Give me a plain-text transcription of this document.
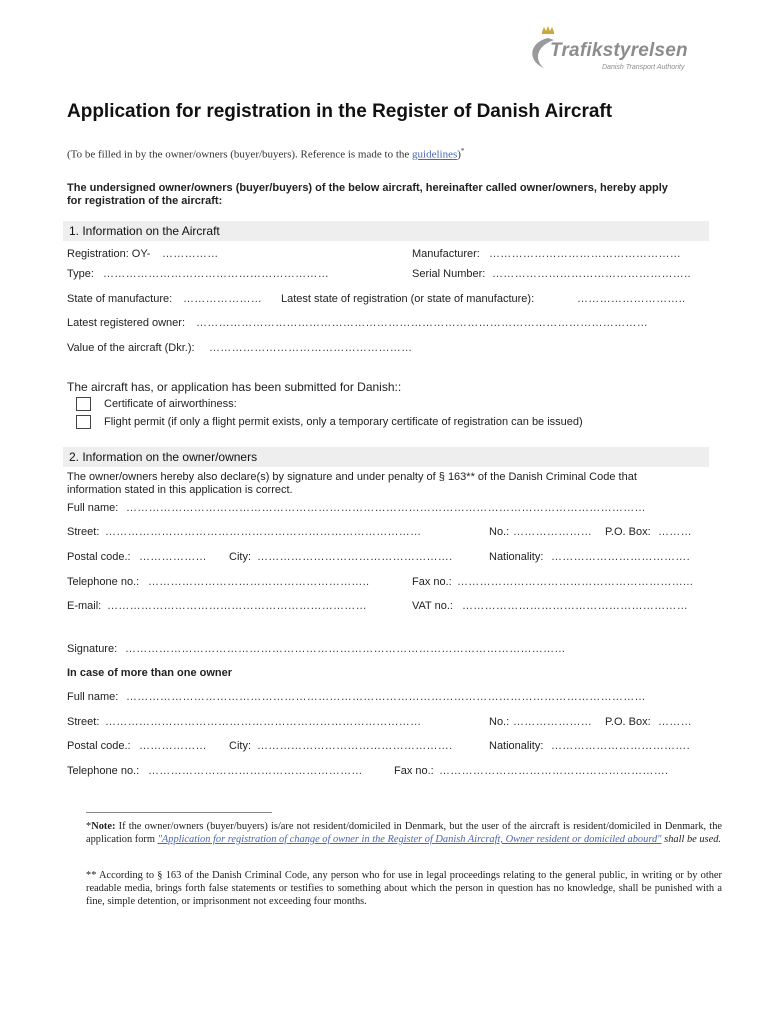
Trafikstyrelsen
Danish Transport Authority
Application for registration in the Register of Danish Aircraft
(To be filled in by the owner/owners (buyer/buyers). Reference is made to the guidelines)*
The undersigned owner/owners (buyer/buyers) of the below aircraft, hereinafter called owner/owners, hereby apply
for registration of the aircraft:
1. Information on the Aircraft
Registration: OY- ……………	Manufacturer: ……………………………………………
Type: ……………………………………………………	Serial Number: ……………………………………………..
State of manufacture: ………………… Latest state of registration (or state of manufacture):	………………………..
Latest registered owner: …………………………………………………………………………………………………………
Value of the aircraft (Dkr.): ………………………………………………
The aircraft has, or application has been submitted for Danish::
Certificate of airworthiness:
Flight permit (if only a flight permit exists, only a temporary certificate of registration can be issued)
2. Information on the owner/owners
The owner/owners hereby also declare(s) by signature and under penalty of § 163** of the Danish Criminal Code that
information stated in this application is correct.
Full name: …………………………………………………………………………………………………………………………
Street: …………………………………………………………………………	No.: ………………… P.O. Box: ………
Postal code.: ……………… City: …………………………………………….	Nationality: ……………………………….
Telephone no.: …………………………………………………..	Fax no.: ……………………………………………………...
E-mail: ……………………………………………………………	VAT no.: ……………………………………………………
Signature: ………………………………………………………………………………………………………
In case of more than one owner
Full name: …………………………………………………………………………………………………………………………
Street: …………………………………………………………………………	No.: ………………… P.O. Box: ………
Postal code.: ……………… City: …………………………………………….	Nationality: ……………………………….
Telephone no.: …………………………………………………	Fax no.: …………………………………………………….
*Note: If the owner/owners (buyer/buyers) is/are not resident/domiciled in Denmark, but the user of the aircraft is resident/domiciled in Denmark, the application form "Application for registration of change of owner in the Register of Danish Aircraft, Owner resident or domiciled abourd" shall be used.
** According to § 163 of the Danish Criminal Code, any person who for use in legal proceedings relating to the general public, in writing or by other readable media, brings forth false statements or testifies to something about which the person in question has no knowledge, shall be punished with a fine, simple detention, or imprisonment not exceeding four months.
